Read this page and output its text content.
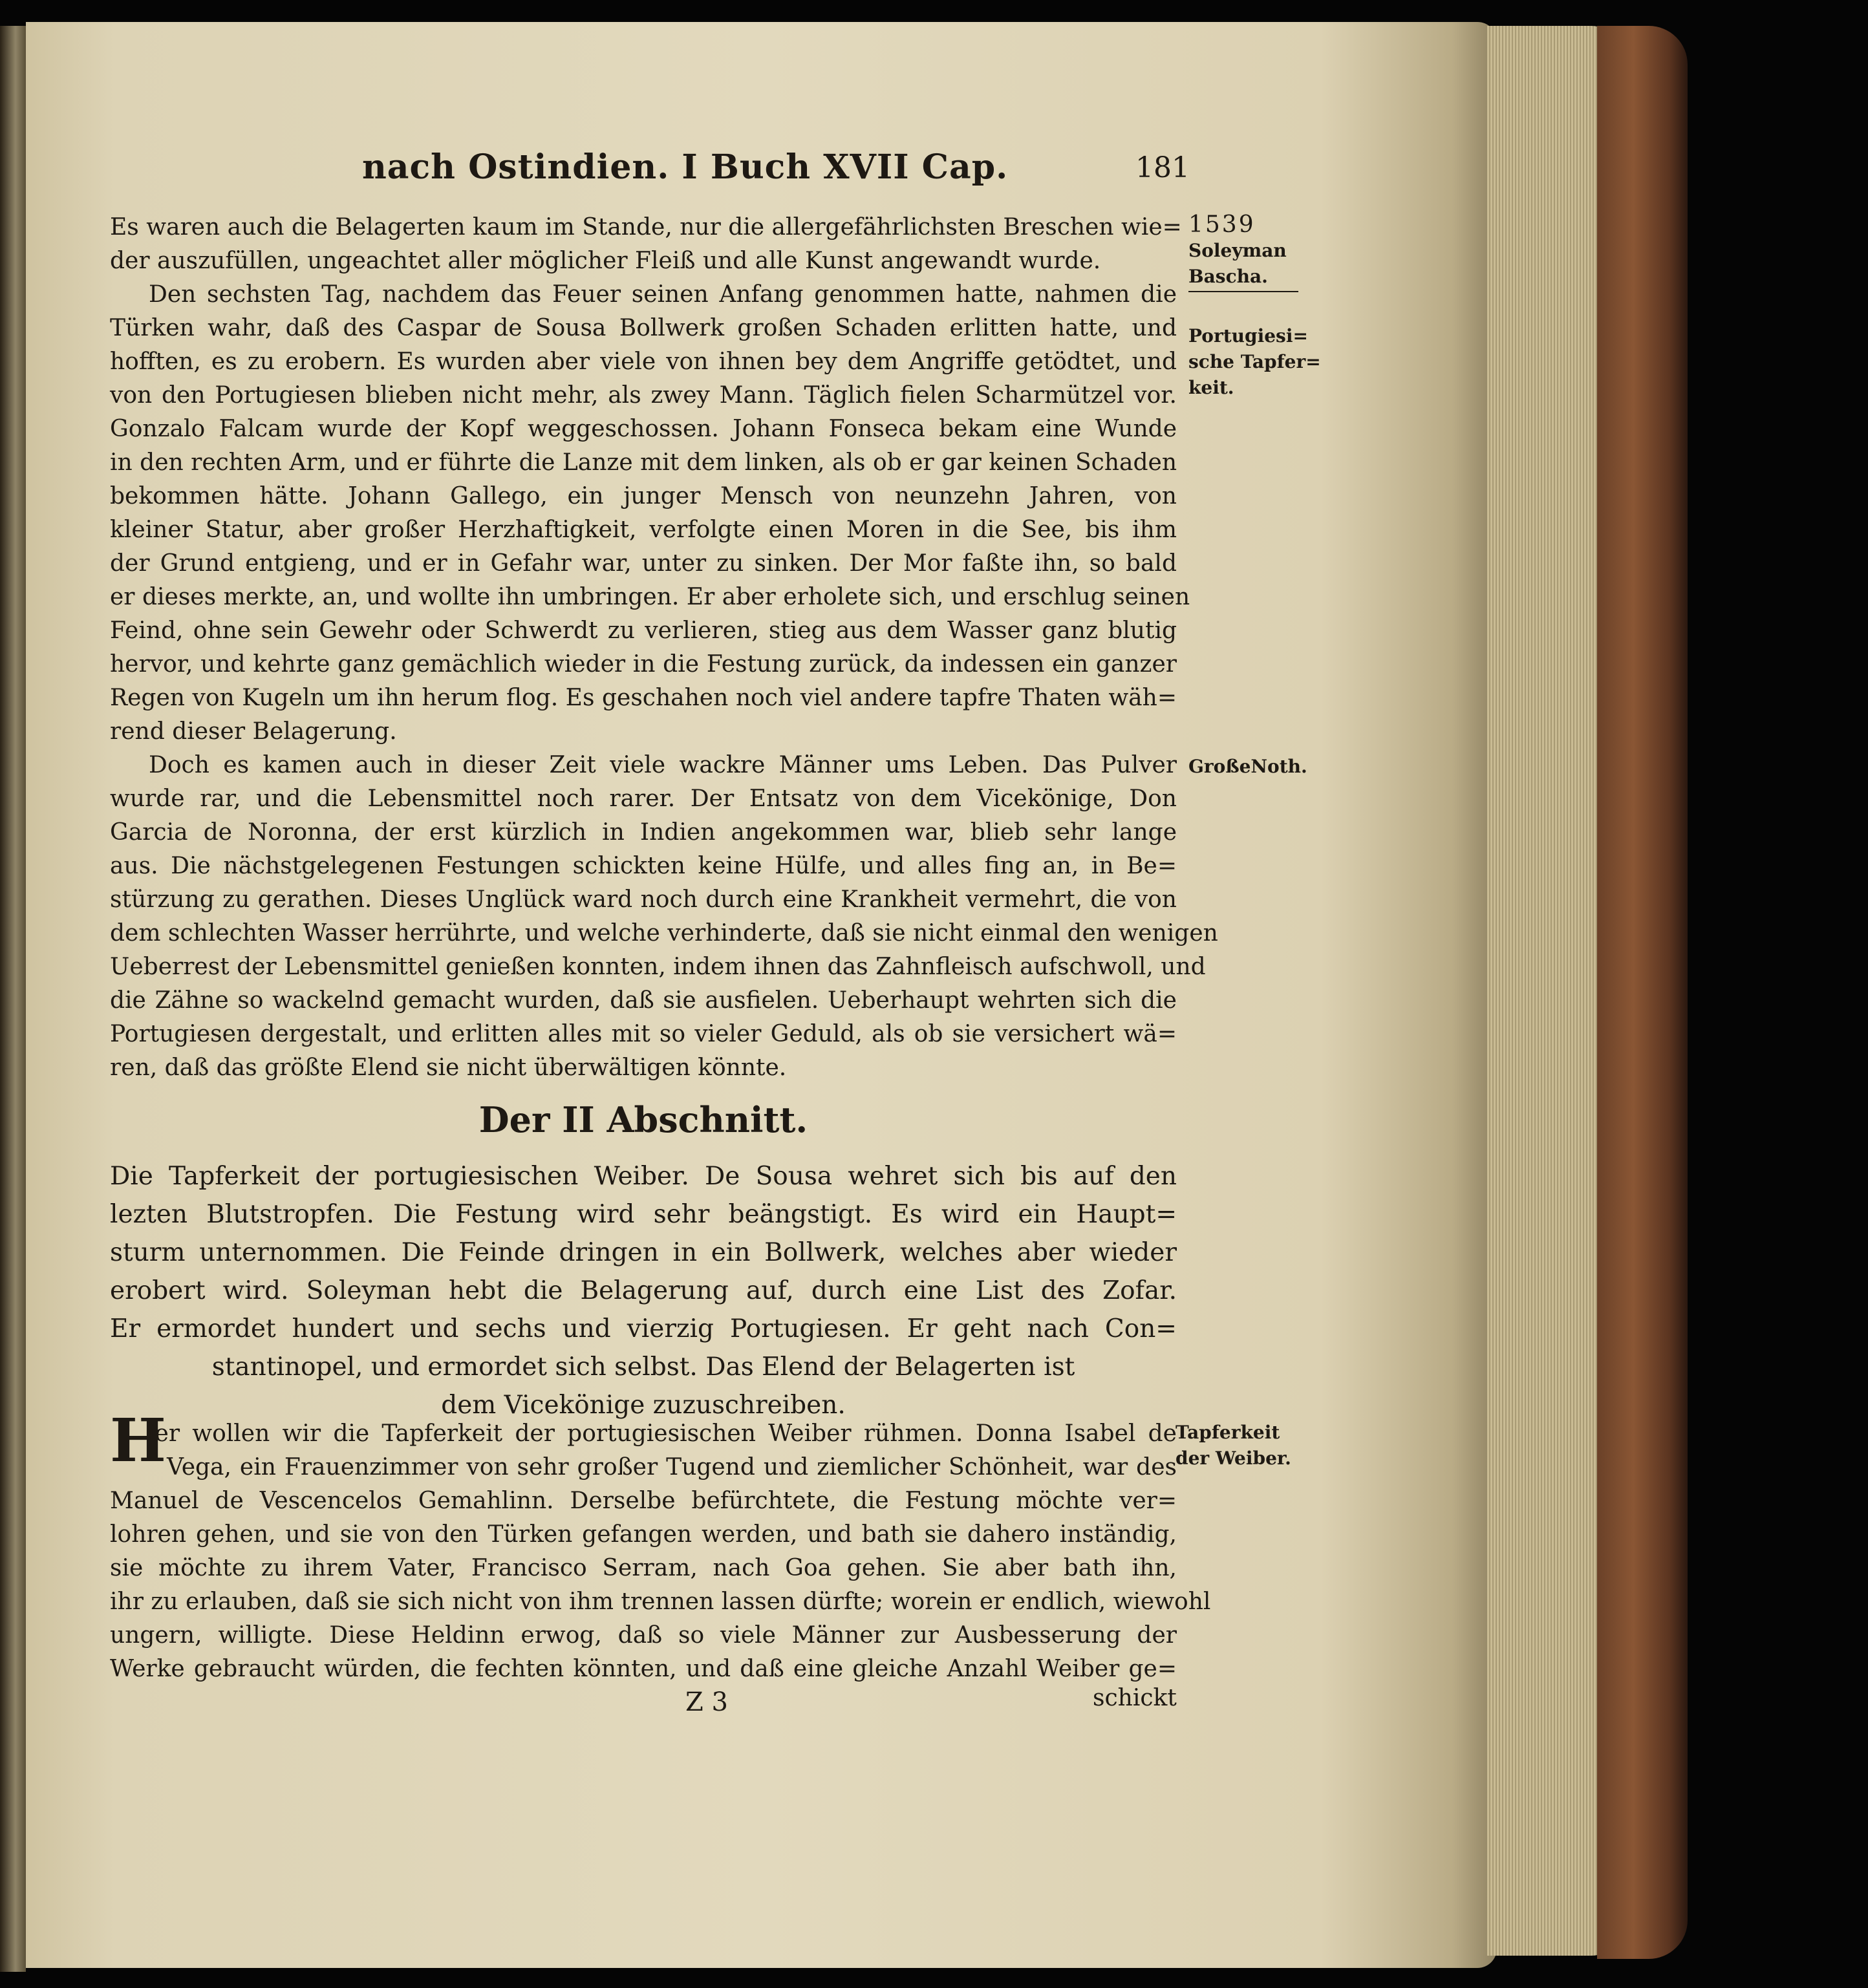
nach Ostindien. I Buch XVII Cap.	181
Es waren auch die Belagerten kaum im Stande, nur die allergefährlichsten Breschen wie=
der auszufüllen, ungeachtet aller möglicher Fleiß und alle Kunst angewandt wurde.
Den sechsten Tag, nachdem das Feuer seinen Anfang genommen hatte, nahmen die
Türken wahr, daß des Caspar de Sousa Bollwerk großen Schaden erlitten hatte, und
hofften, es zu erobern. Es wurden aber viele von ihnen bey dem Angriffe getödtet, und
von den Portugiesen blieben nicht mehr, als zwey Mann. Täglich fielen Scharmützel vor.
Gonzalo Falcam wurde der Kopf weggeschossen. Johann Fonseca bekam eine Wunde
in den rechten Arm, und er führte die Lanze mit dem linken, als ob er gar keinen Schaden
bekommen hätte. Johann Gallego, ein junger Mensch von neunzehn Jahren, von
kleiner Statur, aber großer Herzhaftigkeit, verfolgte einen Moren in die See, bis ihm
der Grund entgieng, und er in Gefahr war, unter zu sinken. Der Mor faßte ihn, so bald
er dieses merkte, an, und wollte ihn umbringen. Er aber erholete sich, und erschlug seinen
Feind, ohne sein Gewehr oder Schwerdt zu verlieren, stieg aus dem Wasser ganz blutig
hervor, und kehrte ganz gemächlich wieder in die Festung zurück, da indessen ein ganzer
Regen von Kugeln um ihn herum flog. Es geschahen noch viel andere tapfre Thaten wäh=
rend dieser Belagerung.
Doch es kamen auch in dieser Zeit viele wackre Männer ums Leben. Das Pulver
wurde rar, und die Lebensmittel noch rarer. Der Entsatz von dem Vicekönige, Don
Garcia de Noronna, der erst kürzlich in Indien angekommen war, blieb sehr lange
aus. Die nächstgelegenen Festungen schickten keine Hülfe, und alles fing an, in Be=
stürzung zu gerathen. Dieses Unglück ward noch durch eine Krankheit vermehrt, die von
dem schlechten Wasser herrührte, und welche verhinderte, daß sie nicht einmal den wenigen
Ueberrest der Lebensmittel genießen konnten, indem ihnen das Zahnfleisch aufschwoll, und
die Zähne so wackelnd gemacht wurden, daß sie ausfielen. Ueberhaupt wehrten sich die
Portugiesen dergestalt, und erlitten alles mit so vieler Geduld, als ob sie versichert wä=
ren, daß das größte Elend sie nicht überwältigen könnte.
Der II Abschnitt.
Die Tapferkeit der portugiesischen Weiber. De Sousa wehret sich bis auf den
lezten Blutstropfen. Die Festung wird sehr beängstigt. Es wird ein Haupt=
sturm unternommen. Die Feinde dringen in ein Bollwerk, welches aber wieder
erobert wird. Soleyman hebt die Belagerung auf, durch eine List des Zofar.
Er ermordet hundert und sechs und vierzig Portugiesen. Er geht nach Con=
stantinopel, und ermordet sich selbst. Das Elend der Belagerten ist
dem Vicekönige zuzuschreiben.
H
ier wollen wir die Tapferkeit der portugiesischen Weiber rühmen. Donna Isabel de
Vega, ein Frauenzimmer von sehr großer Tugend und ziemlicher Schönheit, war des
Manuel de Vescencelos Gemahlinn. Derselbe befürchtete, die Festung möchte ver=
lohren gehen, und sie von den Türken gefangen werden, und bath sie dahero inständig,
sie möchte zu ihrem Vater, Francisco Serram, nach Goa gehen. Sie aber bath ihn,
ihr zu erlauben, daß sie sich nicht von ihm trennen lassen dürfte; worein er endlich, wiewohl
ungern, willigte. Diese Heldinn erwog, daß so viele Männer zur Ausbesserung der
Werke gebraucht würden, die fechten könnten, und daß eine gleiche Anzahl Weiber ge=
Z 3	schickt
1539
Soleyman
Bascha.
Portugiesi=
sche Tapfer=
keit.
GroßeNoth.
Tapferkeit
der Weiber.
